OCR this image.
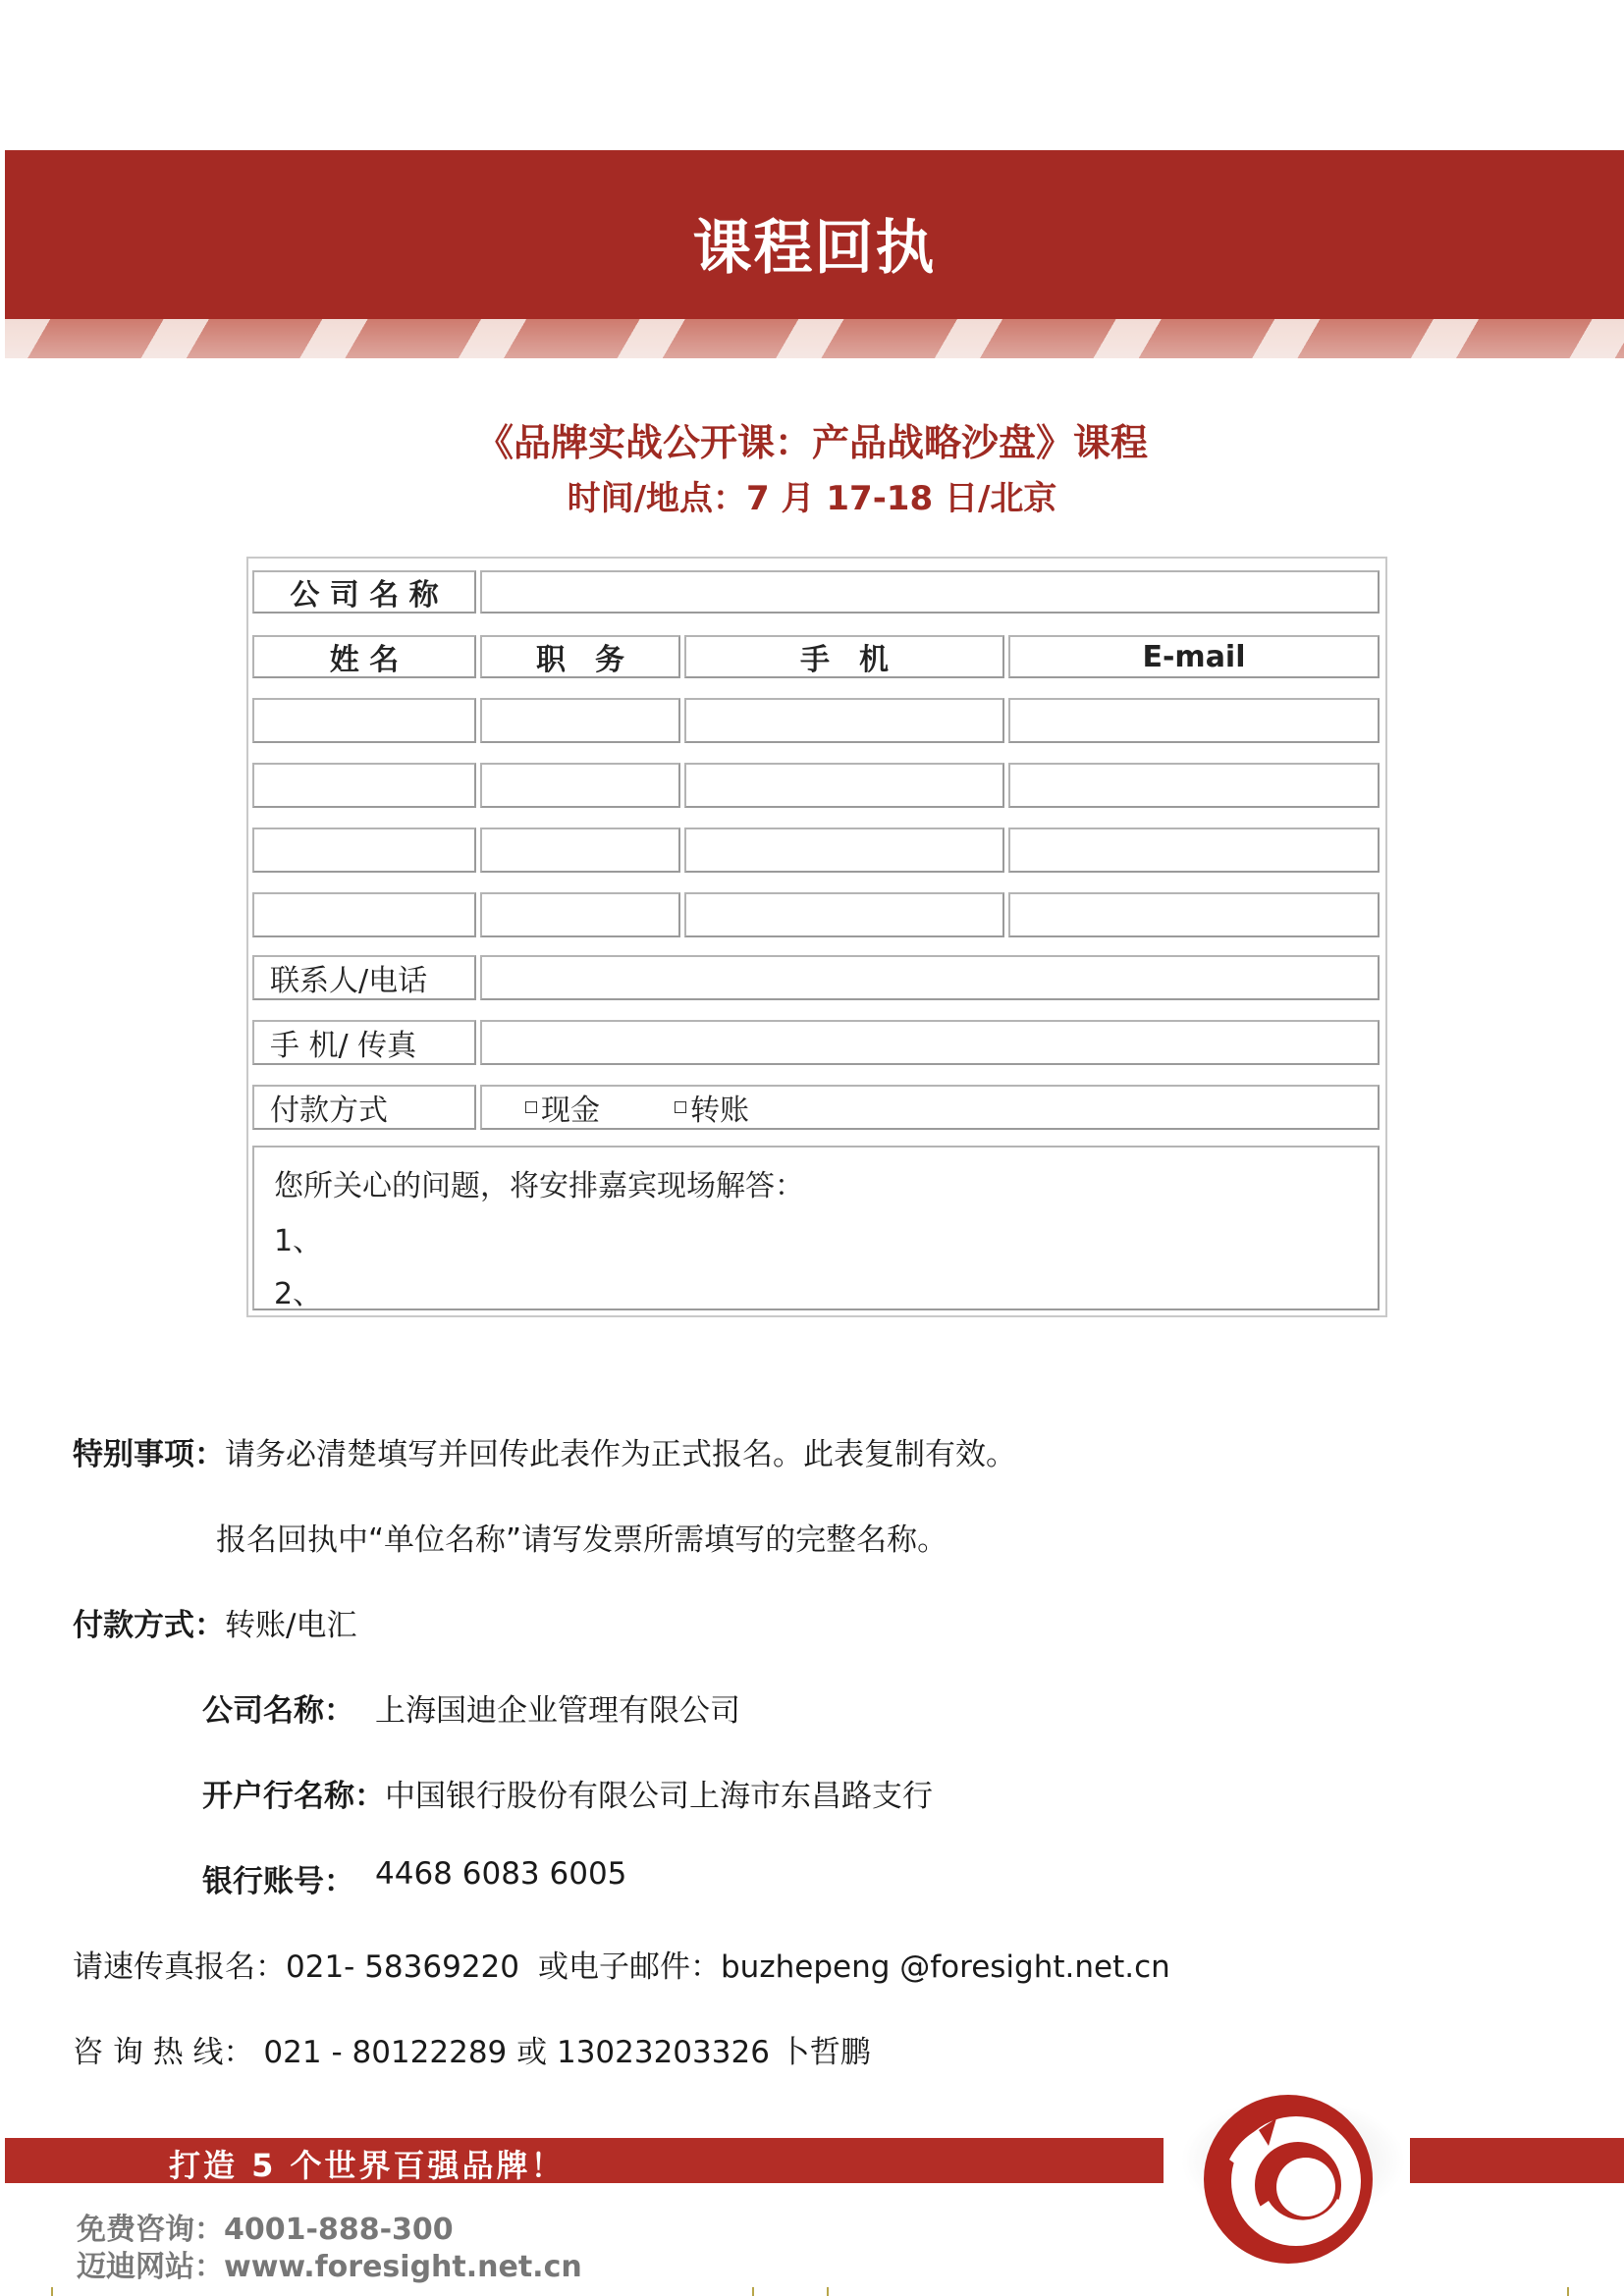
课程回执
《品牌实战公开课：产品战略沙盘》课程
时间/地点：7 月 17-18 日/北京
公 司 名 称
姓 名	职　务	手　机	E-mail
联系人/电话
手 机/ 传真
付款方式	现金	转账
您所关心的问题，将安排嘉宾现场解答：
1、
2、
特别事项：请务必清楚填写并回传此表作为正式报名。此表复制有效。
报名回执中“单位名称”请写发票所需填写的完整名称。
付款方式：转账/电汇
公司名称： 上海国迪企业管理有限公司
开户行名称：中国银行股份有限公司上海市东昌路支行
银行账号： 4468 6083 6005
请速传真报名：021- 58369220 或电子邮件：buzhepeng @foresight.net.cn
咨 询 热 线： 021 - 80122289 或 13023203326 卜哲鹏
打造 5 个世界百强品牌！
免费咨询：4001-888-300
迈迪网站：www.foresight.net.cn
